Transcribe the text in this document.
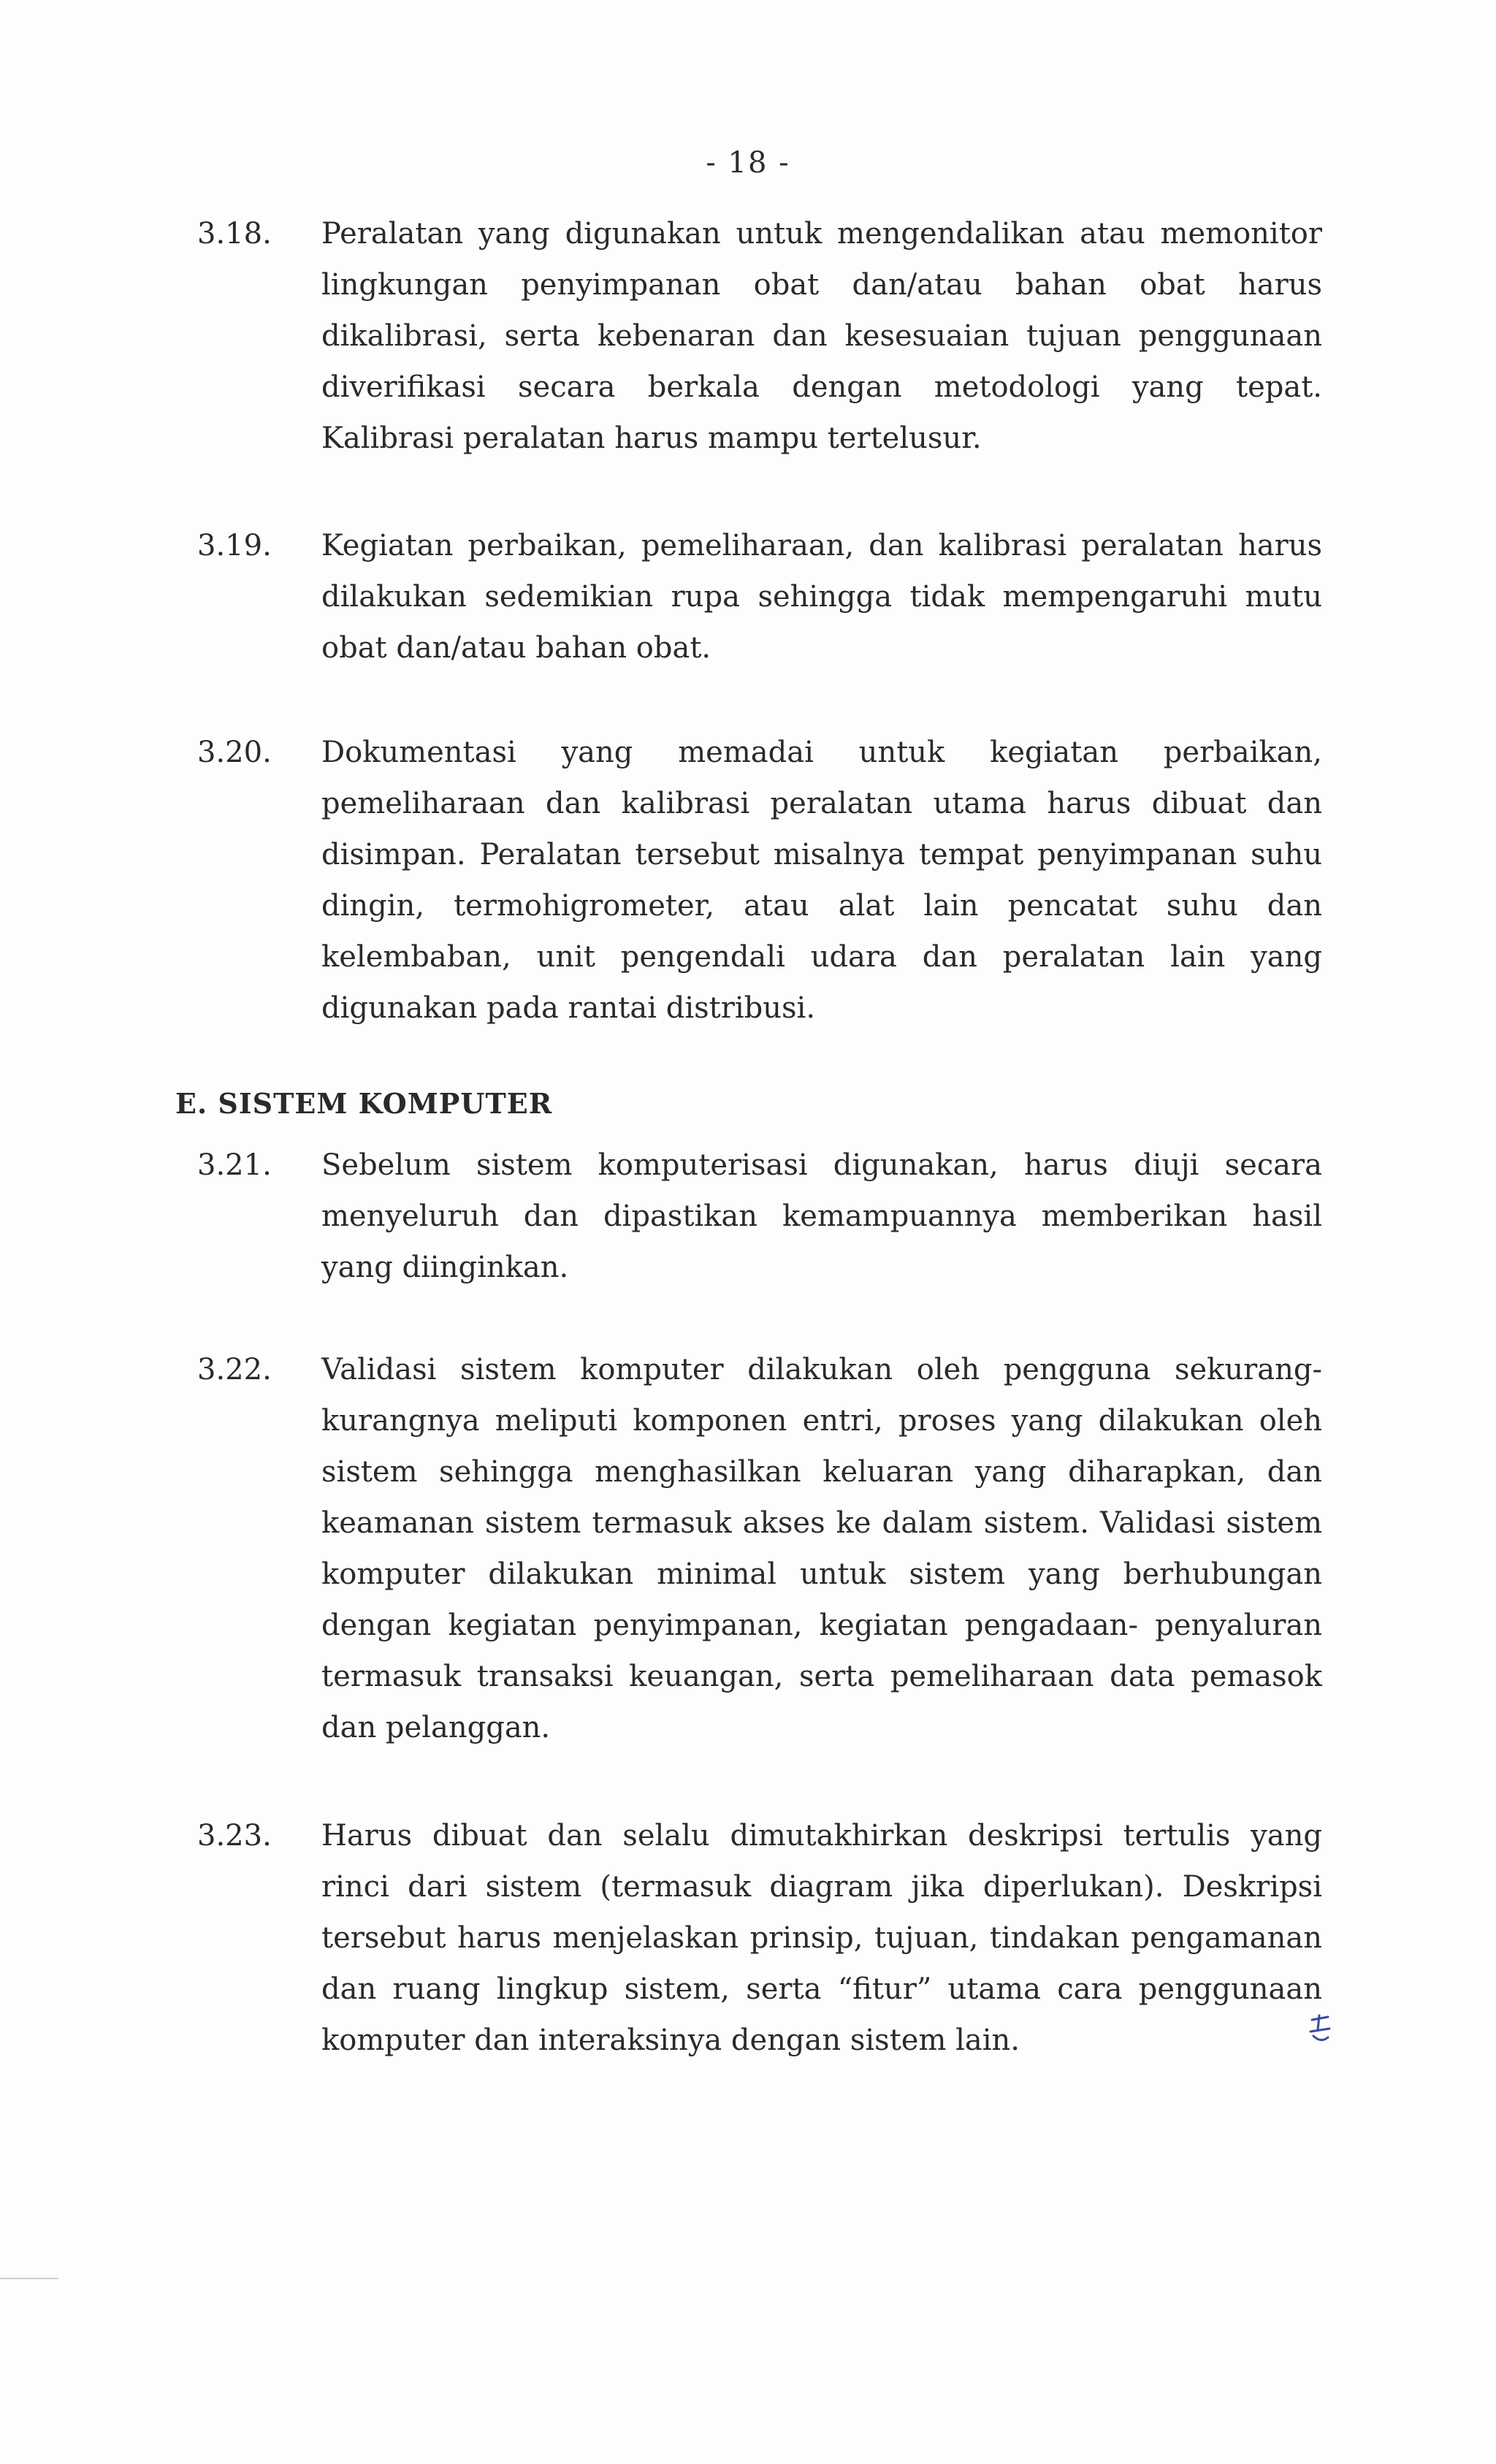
- 18 -
3.18.	Peralatan yang digunakan untuk mengendalikan atau memonitor lingkungan penyimpanan obat dan/atau bahan obat harus dikalibrasi, serta kebenaran dan kesesuaian tujuan penggunaan diverifikasi secara berkala dengan metodologi yang tepat. Kalibrasi peralatan harus mampu tertelusur.
3.19.	Kegiatan perbaikan, pemeliharaan, dan kalibrasi peralatan harus dilakukan sedemikian rupa sehingga tidak mempengaruhi mutu obat dan/atau bahan obat.
3.20.	Dokumentasi yang memadai untuk kegiatan perbaikan, pemeliharaan dan kalibrasi peralatan utama harus dibuat dan disimpan. Peralatan tersebut misalnya tempat penyimpanan suhu dingin, termohigrometer, atau alat lain pencatat suhu dan kelembaban, unit pengendali udara dan peralatan lain yang digunakan pada rantai distribusi.
E. SISTEM KOMPUTER
3.21.	Sebelum sistem komputerisasi digunakan, harus diuji secara menyeluruh dan dipastikan kemampuannya memberikan hasil yang diinginkan.
3.22.	Validasi sistem komputer dilakukan oleh pengguna sekurang-kurangnya meliputi komponen entri, proses yang dilakukan oleh sistem sehingga menghasilkan keluaran yang diharapkan, dan keamanan sistem termasuk akses ke dalam sistem. Validasi sistem komputer dilakukan minimal untuk sistem yang berhubungan dengan kegiatan penyimpanan, kegiatan pengadaan- penyaluran termasuk transaksi keuangan, serta pemeliharaan data pemasok dan pelanggan.
3.23.	Harus dibuat dan selalu dimutakhirkan deskripsi tertulis yang rinci dari sistem (termasuk diagram jika diperlukan). Deskripsi tersebut harus menjelaskan prinsip, tujuan, tindakan pengamanan dan ruang lingkup sistem, serta “fitur” utama cara penggunaan komputer dan interaksinya dengan sistem lain.
